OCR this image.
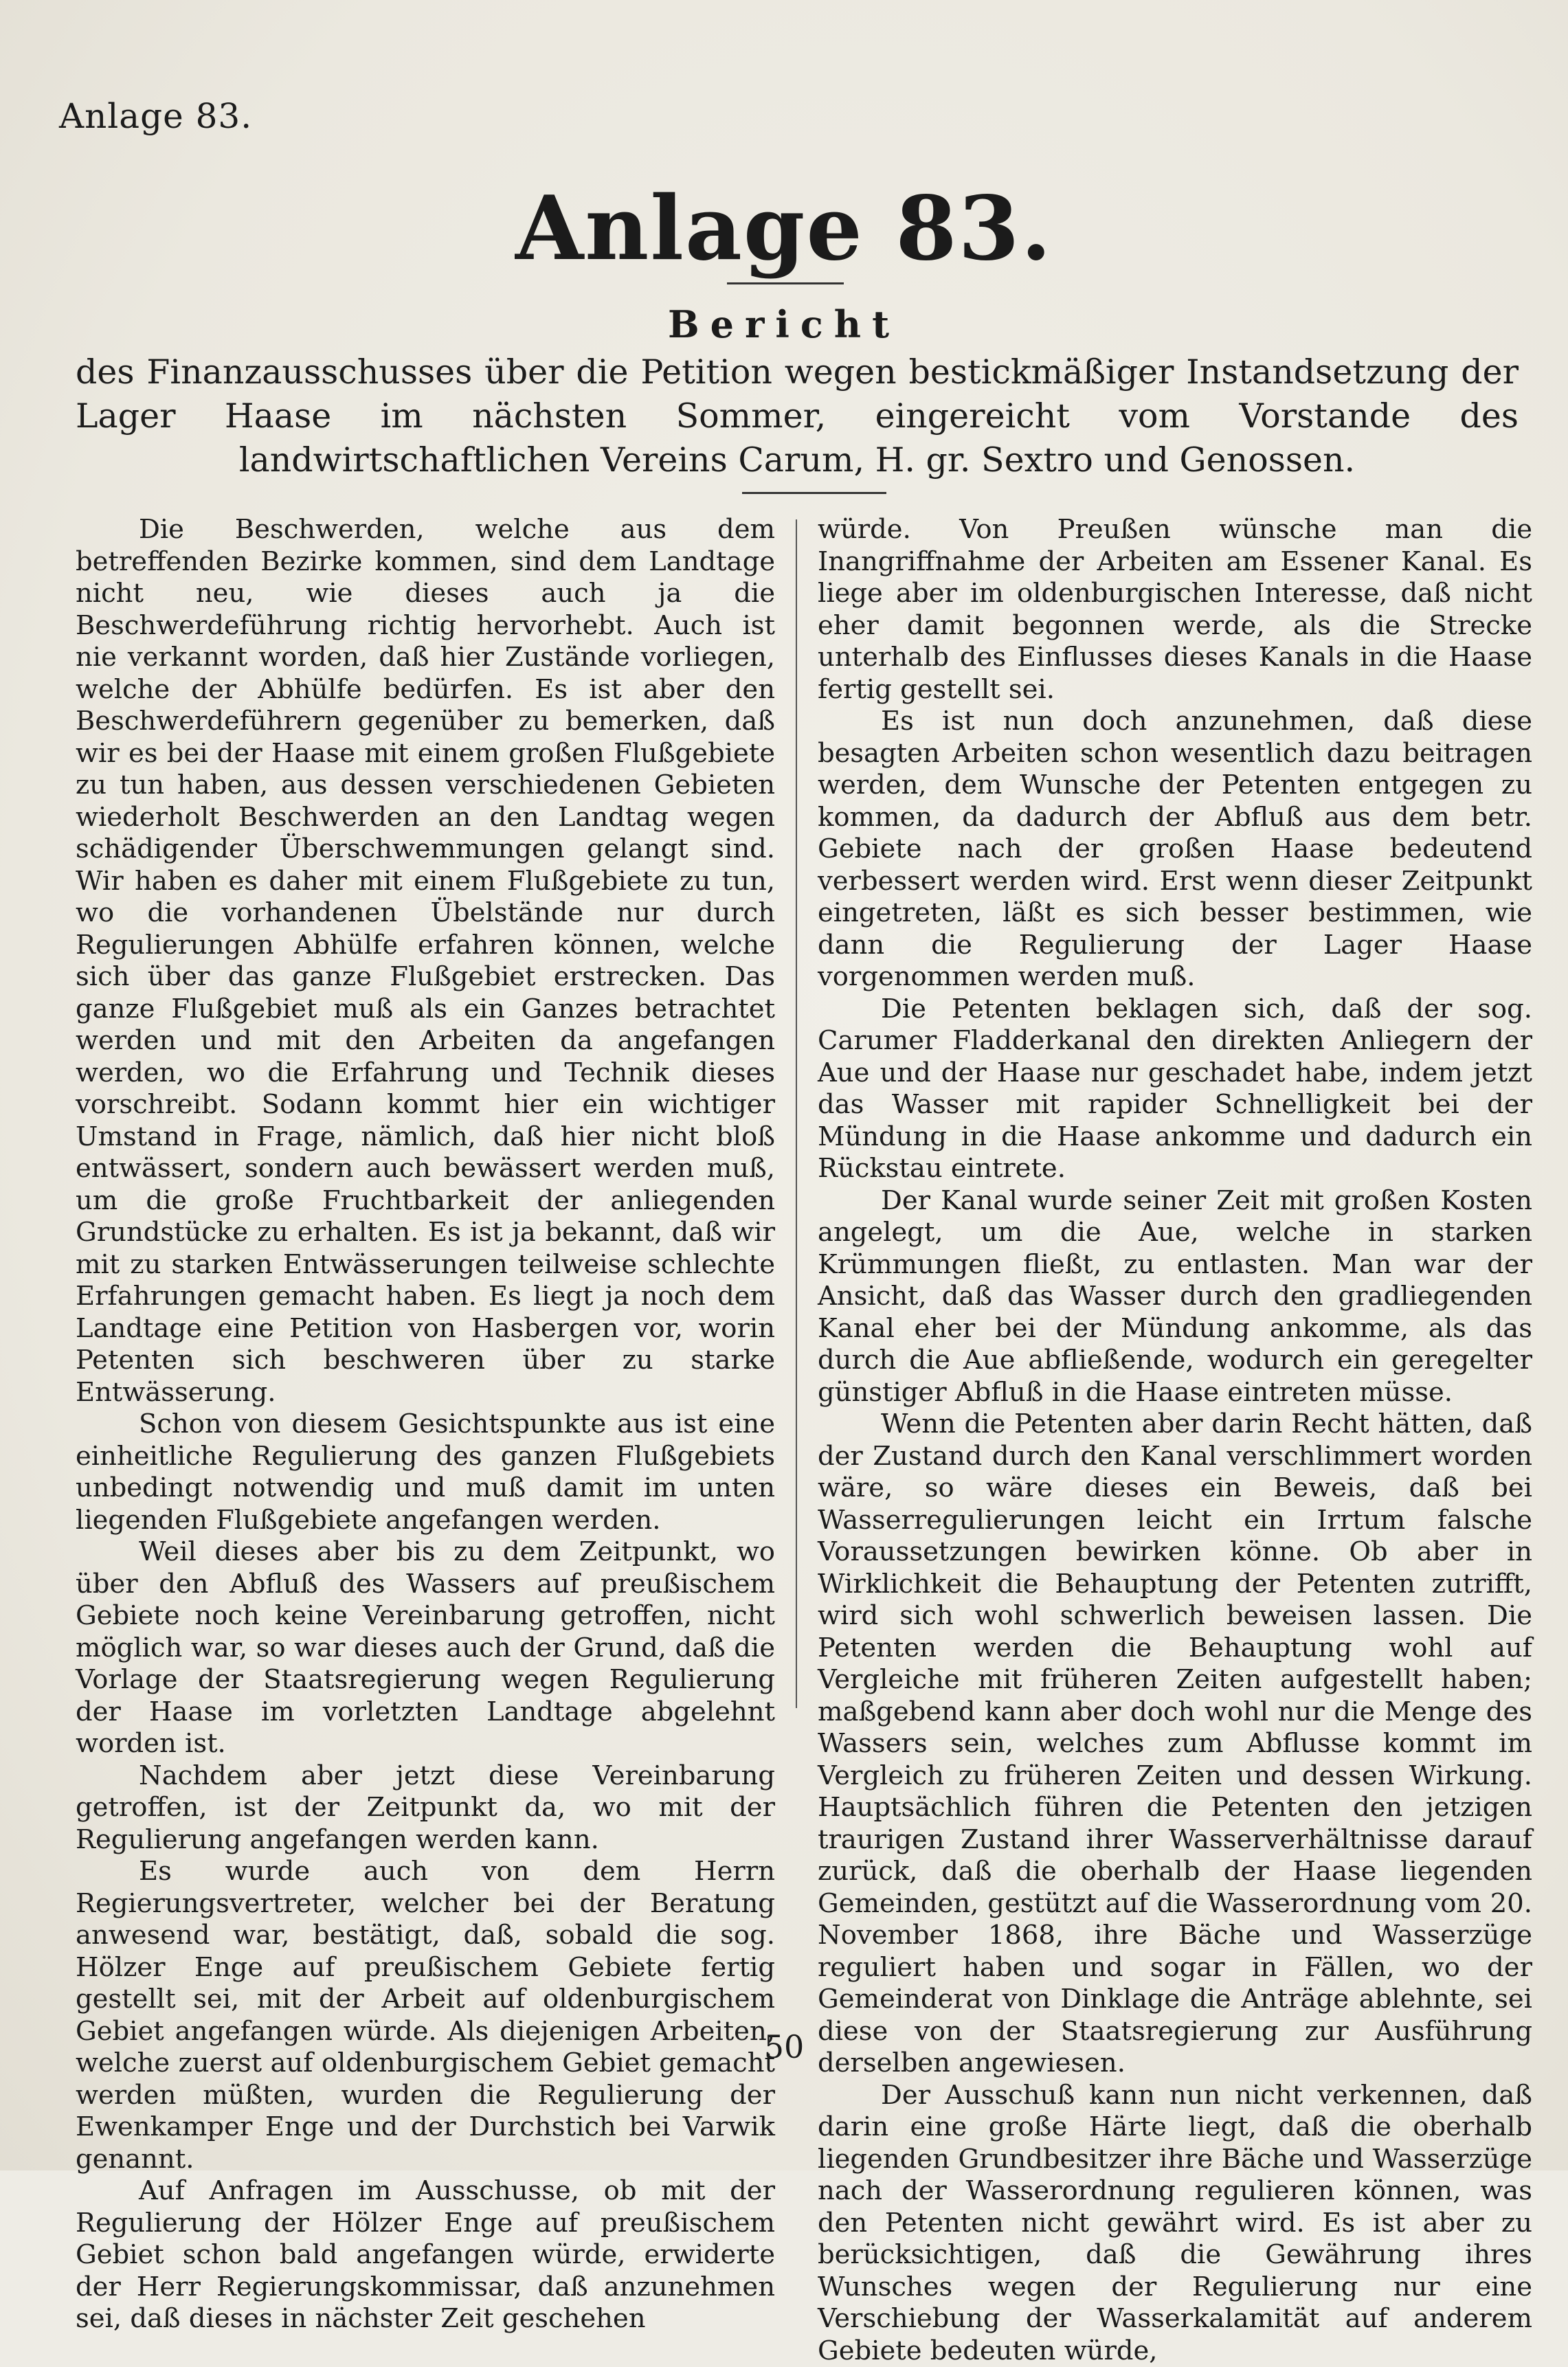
Anlage 83.
Anlage 83.
Bericht
des Finanzausschusses über die Petition wegen bestickmäßiger Instandsetzung der Lager Haase im nächsten Sommer, eingereicht vom Vorstande des landwirtschaftlichen Vereins Carum, H. gr. Sextro und Genossen.

Die Beschwerden, welche aus dem betreffenden Bezirke kommen, sind dem Landtage nicht neu, wie dieses auch ja die Beschwerdeführung richtig hervorhebt. Auch ist nie verkannt worden, daß hier Zustände vorliegen, welche der Abhülfe bedürfen. Es ist aber den Beschwerdeführern gegenüber zu bemerken, daß wir es bei der Haase mit einem großen Flußgebiete zu tun haben, aus dessen verschiedenen Gebieten wiederholt Beschwerden an den Landtag wegen schädigender Überschwemmungen gelangt sind. Wir haben es daher mit einem Flußgebiete zu tun, wo die vorhandenen Übelstände nur durch Regulierungen Abhülfe erfahren können, welche sich über das ganze Flußgebiet erstrecken. Das ganze Flußgebiet muß als ein Ganzes betrachtet werden und mit den Arbeiten da angefangen werden, wo die Erfahrung und Technik dieses vorschreibt. Sodann kommt hier ein wichtiger Umstand in Frage, nämlich, daß hier nicht bloß entwässert, sondern auch bewässert werden muß, um die große Fruchtbarkeit der anliegenden Grundstücke zu erhalten. Es ist ja bekannt, daß wir mit zu starken Entwässerungen teilweise schlechte Erfahrungen gemacht haben. Es liegt ja noch dem Landtage eine Petition von Hasbergen vor, worin Petenten sich beschweren über zu starke Entwässerung.

Schon von diesem Gesichtspunkte aus ist eine einheitliche Regulierung des ganzen Flußgebiets unbedingt notwendig und muß damit im unten liegenden Flußgebiete angefangen werden.

Weil dieses aber bis zu dem Zeitpunkt, wo über den Abfluß des Wassers auf preußischem Gebiete noch keine Vereinbarung getroffen, nicht möglich war, so war dieses auch der Grund, daß die Vorlage der Staatsregierung wegen Regulierung der Haase im vorletzten Landtage abgelehnt worden ist.

Nachdem aber jetzt diese Vereinbarung getroffen, ist der Zeitpunkt da, wo mit der Regulierung angefangen werden kann.

Es wurde auch von dem Herrn Regierungsvertreter, welcher bei der Beratung anwesend war, bestätigt, daß, sobald die sog. Hölzer Enge auf preußischem Gebiete fertig gestellt sei, mit der Arbeit auf oldenburgischem Gebiet angefangen würde. Als diejenigen Arbeiten, welche zuerst auf oldenburgischem Gebiet gemacht werden müßten, wurden die Regulierung der Ewenkamper Enge und der Durchstich bei Varwik genannt.

Auf Anfragen im Ausschusse, ob mit der Regulierung der Hölzer Enge auf preußischem Gebiet schon bald angefangen würde, erwiderte der Herr Regierungskommissar, daß anzunehmen sei, daß dieses in nächster Zeit geschehen

würde. Von Preußen wünsche man die Inangriffnahme der Arbeiten am Essener Kanal. Es liege aber im oldenburgischen Interesse, daß nicht eher damit begonnen werde, als die Strecke unterhalb des Einflusses dieses Kanals in die Haase fertig gestellt sei.

Es ist nun doch anzunehmen, daß diese besagten Arbeiten schon wesentlich dazu beitragen werden, dem Wunsche der Petenten entgegen zu kommen, da dadurch der Abfluß aus dem betr. Gebiete nach der großen Haase bedeutend verbessert werden wird. Erst wenn dieser Zeitpunkt eingetreten, läßt es sich besser bestimmen, wie dann die Regulierung der Lager Haase vorgenommen werden muß.

Die Petenten beklagen sich, daß der sog. Carumer Fladderkanal den direkten Anliegern der Aue und der Haase nur geschadet habe, indem jetzt das Wasser mit rapider Schnelligkeit bei der Mündung in die Haase ankomme und dadurch ein Rückstau eintrete.

Der Kanal wurde seiner Zeit mit großen Kosten angelegt, um die Aue, welche in starken Krümmungen fließt, zu entlasten. Man war der Ansicht, daß das Wasser durch den gradliegenden Kanal eher bei der Mündung ankomme, als das durch die Aue abfließende, wodurch ein geregelter günstiger Abfluß in die Haase eintreten müsse.

Wenn die Petenten aber darin Recht hätten, daß der Zustand durch den Kanal verschlimmert worden wäre, so wäre dieses ein Beweis, daß bei Wasserregulierungen leicht ein Irrtum falsche Voraussetzungen bewirken könne. Ob aber in Wirklichkeit die Behauptung der Petenten zutrifft, wird sich wohl schwerlich beweisen lassen. Die Petenten werden die Behauptung wohl auf Vergleiche mit früheren Zeiten aufgestellt haben; maßgebend kann aber doch wohl nur die Menge des Wassers sein, welches zum Abflusse kommt im Vergleich zu früheren Zeiten und dessen Wirkung. Hauptsächlich führen die Petenten den jetzigen traurigen Zustand ihrer Wasserverhältnisse darauf zurück, daß die oberhalb der Haase liegenden Gemeinden, gestützt auf die Wasserordnung vom 20. November 1868, ihre Bäche und Wasserzüge reguliert haben und sogar in Fällen, wo der Gemeinderat von Dinklage die Anträge ablehnte, sei diese von der Staatsregierung zur Ausführung derselben angewiesen.

Der Ausschuß kann nun nicht verkennen, daß darin eine große Härte liegt, daß die oberhalb liegenden Grundbesitzer ihre Bäche und Wasserzüge nach der Wasserordnung regulieren können, was den Petenten nicht gewährt wird. Es ist aber zu berücksichtigen, daß die Gewährung ihres Wunsches wegen der Regulierung nur eine Verschiebung der Wasserkalamität auf anderem Gebiete bedeuten würde,

50
